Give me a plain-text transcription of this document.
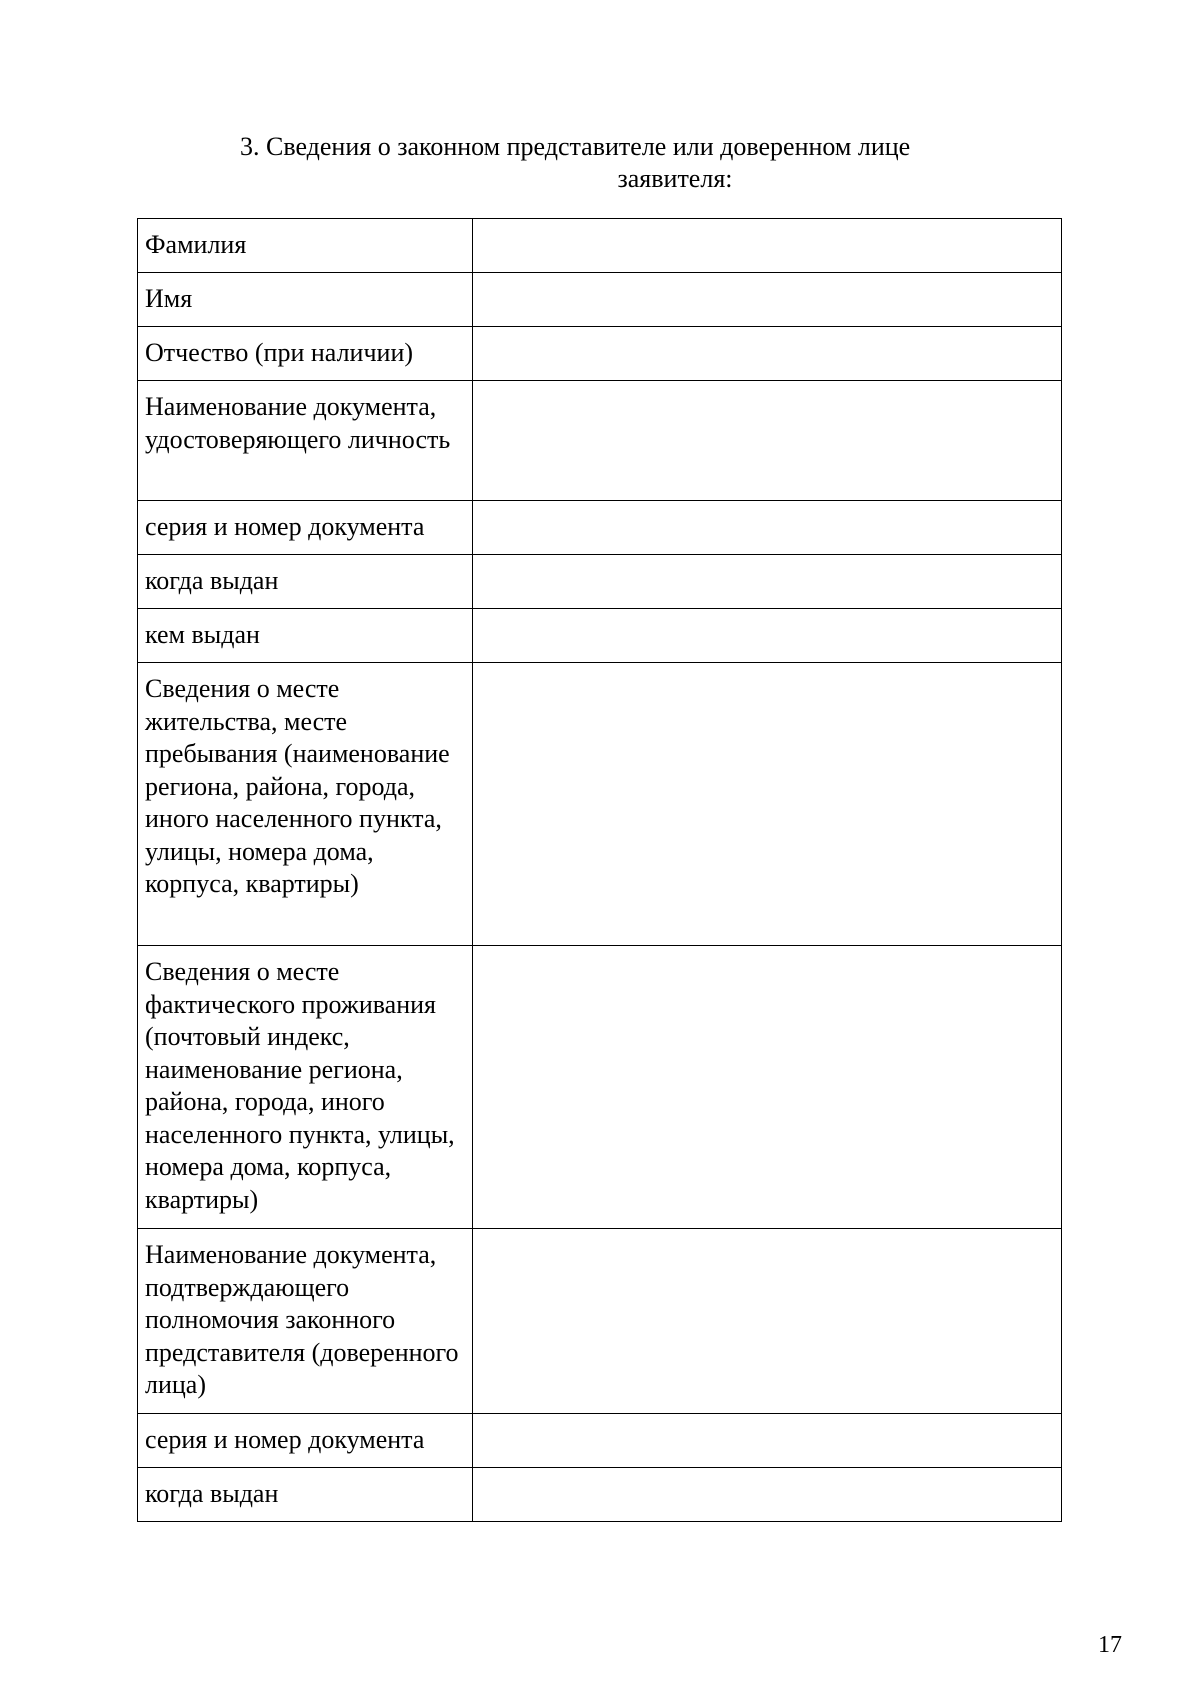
3. Сведения о законном представителе или доверенном лице
заявителя:
Фамилия	
Имя	
Отчество (при наличии)	
Наименование документа, удостоверяющего личность	
серия и номер документа	
когда выдан	
кем выдан	
Сведения о месте жительства, месте пребывания (наименование региона, района, города, иного населенного пункта, улицы, номера дома, корпуса, квартиры)	
Сведения о месте фактического проживания (почтовый индекс, наименование региона, района, города, иного населенного пункта, улицы, номера дома, корпуса, квартиры)	
Наименование документа, подтверждающего полномочия законного представителя (доверенного лица)	
серия и номер документа	
когда выдан	
17
